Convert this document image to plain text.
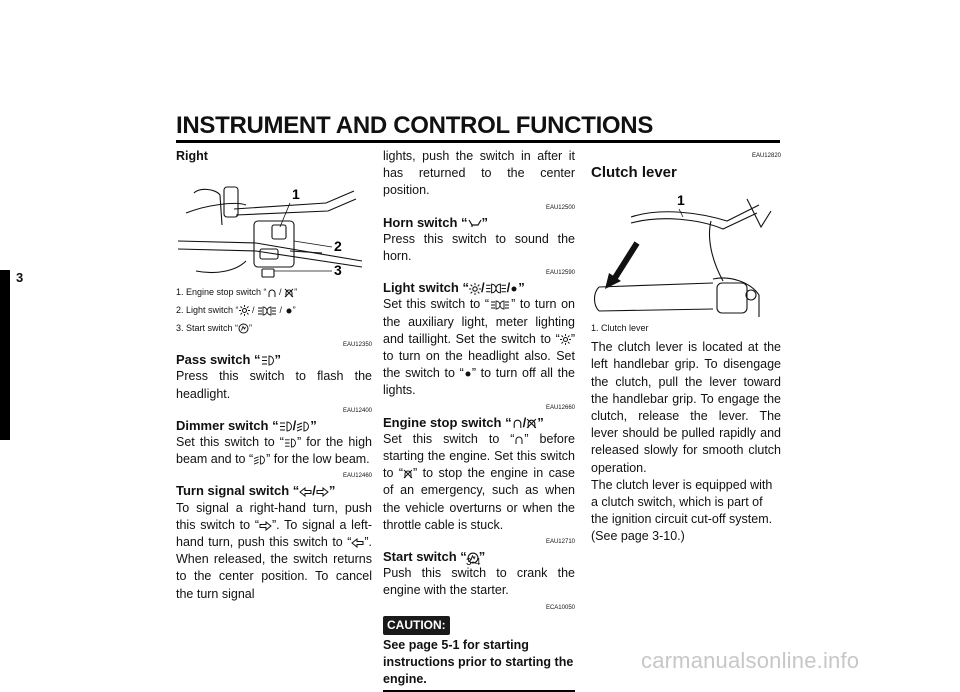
INSTRUMENT AND CONTROL FUNCTIONS
3
Right
1
2
3
1. Engine stop switch “ / ”
2. Light switch “ /  / ”
3. Start switch “ ”
EAU12350
Pass switch “ ”

Press this switch to flash the headlight.

EAU12400
Dimmer switch “ / ”

Set this switch to “ ” for the high beam and to “ ” for the low beam.

EAU12460
Turn signal switch “ / ”

To signal a right-hand turn, push this switch to “ ”. To signal a left-hand turn, push this switch to “ ”. When released, the switch returns to the center position. To cancel the turn signal

lights, push the switch in after it has returned to the center position.

EAU12500
Horn switch “ ”

Press this switch to sound the horn.

EAU12590
Light switch “ / / ”

Set this switch to “ ” to turn on the auxiliary light, meter lighting and taillight. Set the switch to “ ” to turn on the headlight also. Set the switch to “ ” to turn off all the lights.

EAU12660
Engine stop switch “ / ”

Set this switch to “ ” before starting the engine. Set this switch to “ ” to stop the engine in case of an emergency, such as when the vehicle overturns or when the throttle cable is stuck.

EAU12710
Start switch “ ”

Push this switch to crank the engine with the starter.

ECA10050
CAUTION:
See page 5-1 for starting instructions prior to starting the engine.
EAU12820
Clutch lever
1
1. Clutch lever

The clutch lever is located at the left handlebar grip. To disengage the clutch, pull the lever toward the handlebar grip. To engage the clutch, release the lever. The lever should be pulled rapidly and released slowly for smooth clutch operation.

The clutch lever is equipped with a clutch switch, which is part of the ignition circuit cut-off system. (See page 3-10.)

3-4
carmanualsonline.info
